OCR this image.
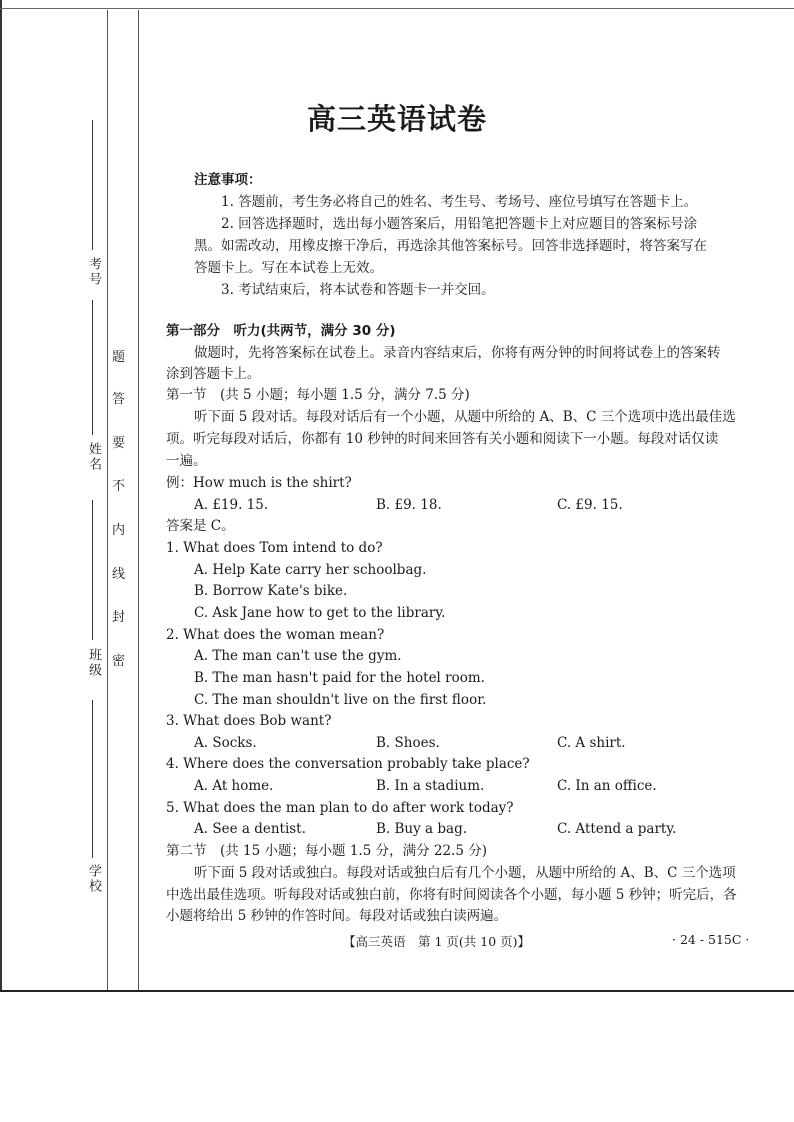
考号
姓名
班级
学校
题
答
要
不
内
线
封
密
高三英语试卷
注意事项：
1. 答题前，考生务必将自己的姓名、考生号、考场号、座位号填写在答题卡上。
2. 回答选择题时，选出每小题答案后，用铅笔把答题卡上对应题目的答案标号涂
黑。如需改动，用橡皮擦干净后，再选涂其他答案标号。回答非选择题时，将答案写在
答题卡上。写在本试卷上无效。
3. 考试结束后，将本试卷和答题卡一并交回。
第一部分　听力(共两节，满分 30 分)
做题时，先将答案标在试卷上。录音内容结束后，你将有两分钟的时间将试卷上的答案转
涂到答题卡上。
第一节　(共 5 小题；每小题 1.5 分，满分 7.5 分)
听下面 5 段对话。每段对话后有一个小题，从题中所给的 A、B、C 三个选项中选出最佳选
项。听完每段对话后，你都有 10 秒钟的时间来回答有关小题和阅读下一小题。每段对话仅读
一遍。
例：How much is the shirt?
A. £19. 15.	B. £9. 18.	C. £9. 15.
答案是 C。
1. What does Tom intend to do?
A. Help Kate carry her schoolbag.
B. Borrow Kate's bike.
C. Ask Jane how to get to the library.
2. What does the woman mean?
A. The man can't use the gym.
B. The man hasn't paid for the hotel room.
C. The man shouldn't live on the first floor.
3. What does Bob want?
A. Socks.	B. Shoes.	C. A shirt.
4. Where does the conversation probably take place?
A. At home.	B. In a stadium.	C. In an office.
5. What does the man plan to do after work today?
A. See a dentist.	B. Buy a bag.	C. Attend a party.
第二节　(共 15 小题；每小题 1.5 分，满分 22.5 分)
听下面 5 段对话或独白。每段对话或独白后有几个小题，从题中所给的 A、B、C 三个选项
中选出最佳选项。听每段对话或独白前，你将有时间阅读各个小题，每小题 5 秒钟；听完后，各
小题将给出 5 秒钟的作答时间。每段对话或独白读两遍。
【高三英语　第 1 页(共 10 页)】	· 24 - 515C ·
